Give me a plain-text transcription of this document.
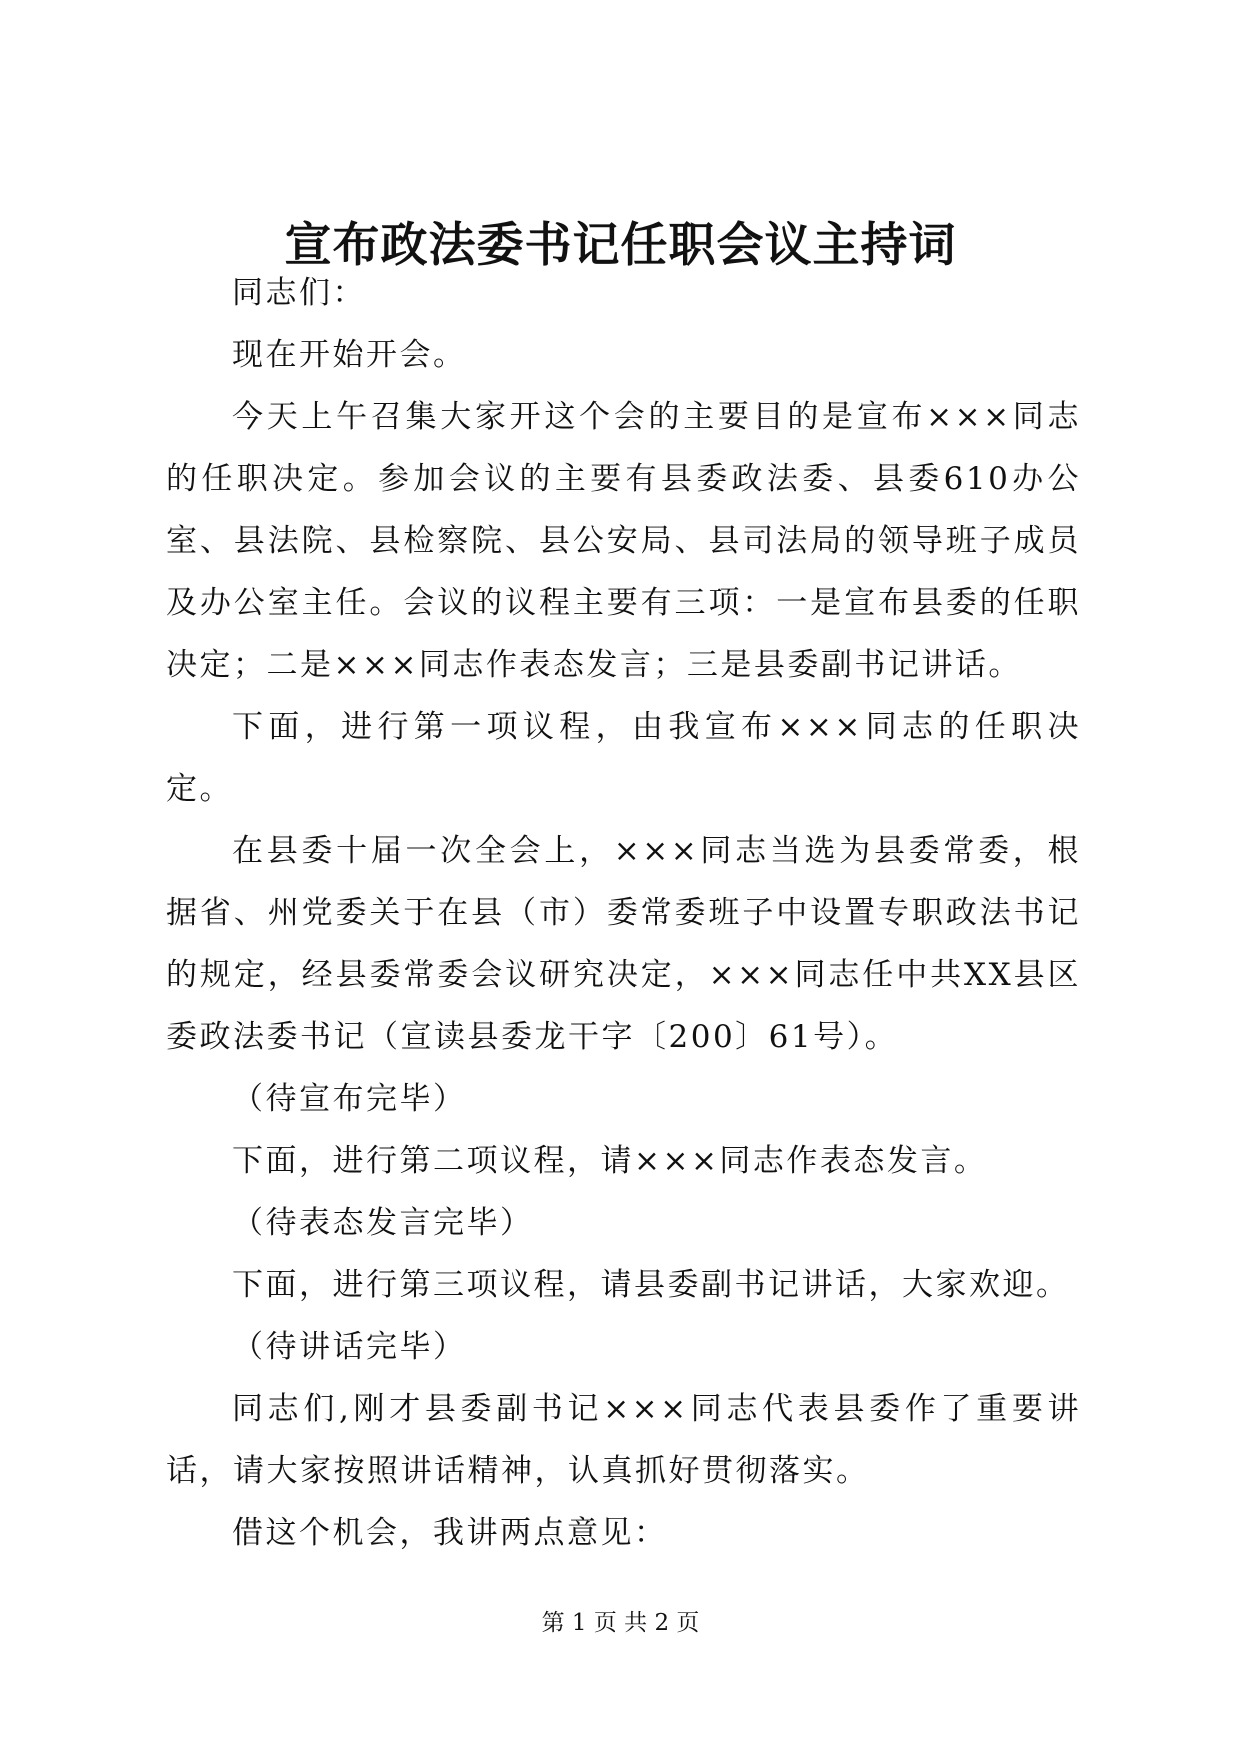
宣布政法委书记任职会议主持词

同志们：

现在开始开会。

今天上午召集大家开这个会的主要目的是宣布×××同志的任职决定。参加会议的主要有县委政法委、县委610办公室、县法院、县检察院、县公安局、县司法局的领导班子成员及办公室主任。会议的议程主要有三项：一是宣布县委的任职决定；二是×××同志作表态发言；三是县委副书记讲话。

下面，进行第一项议程，由我宣布×××同志的任职决定。

在县委十届一次全会上，×××同志当选为县委常委，根据省、州党委关于在县（市）委常委班子中设置专职政法书记的规定，经县委常委会议研究决定，×××同志任中共XX县区委政法委书记（宣读县委龙干字〔200〕61号）。

（待宣布完毕）

下面，进行第二项议程，请×××同志作表态发言。

（待表态发言完毕）

下面，进行第三项议程，请县委副书记讲话，大家欢迎。

（待讲话完毕）

同志们,刚才县委副书记×××同志代表县委作了重要讲话，请大家按照讲话精神，认真抓好贯彻落实。

借这个机会，我讲两点意见：

第 1 页 共 2 页
